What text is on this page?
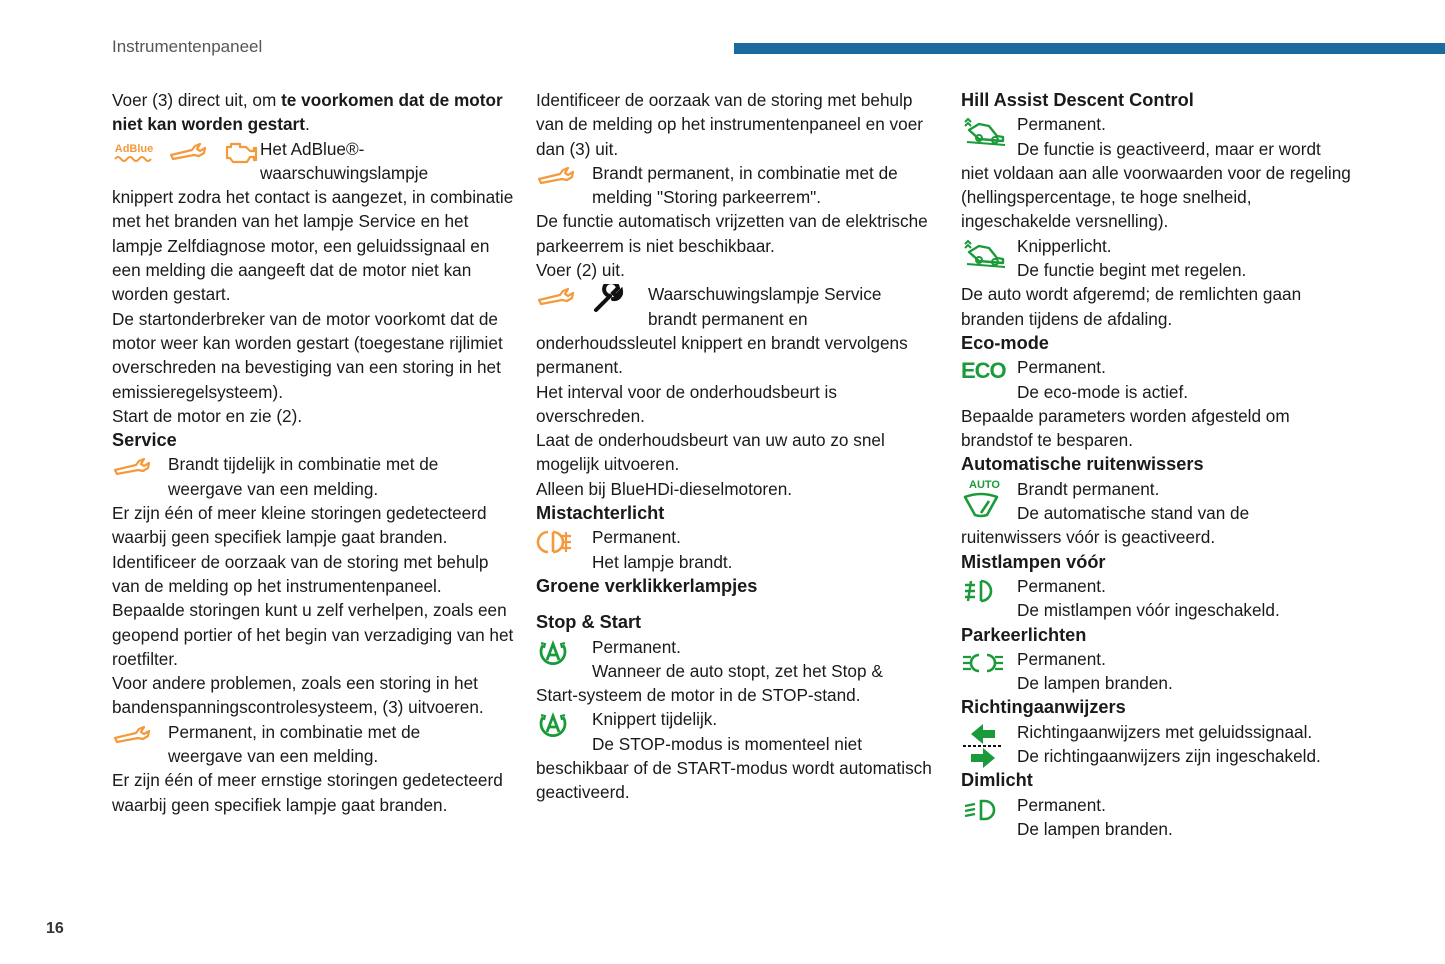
Instrumentenpaneel
16

Voer (3) direct uit, om te voorkomen dat de motor niet kan worden gestart.

AdBlue	Het AdBlue®-

waarschuwingslampje

knippert zodra het contact is aangezet, in combinatie met het branden van het lampje Service en het lampje Zelfdiagnose motor, een geluidssignaal en een melding die aangeeft dat de motor niet kan worden gestart.

De startonderbreker van de motor voorkomt dat de motor weer kan worden gestart (toegestane rijlimiet overschreden na bevestiging van een storing in het emissieregelsysteem).

Start de motor en zie (2).

Service

Brandt tijdelijk in combinatie met de

weergave van een melding.

Er zijn één of meer kleine storingen gedetecteerd waarbij geen specifiek lampje gaat branden.

Identificeer de oorzaak van de storing met behulp van de melding op het instrumentenpaneel.

Bepaalde storingen kunt u zelf verhelpen, zoals een geopend portier of het begin van verzadiging van het roetfilter.

Voor andere problemen, zoals een storing in het bandenspanningscontrolesysteem, (3) uitvoeren.

Permanent, in combinatie met de

weergave van een melding.

Er zijn één of meer ernstige storingen gedetecteerd waarbij geen specifiek lampje gaat branden.

Identificeer de oorzaak van de storing met behulp van de melding op het instrumentenpaneel en voer dan (3) uit.

Brandt permanent, in combinatie met de

melding "Storing parkeerrem".

De functie automatisch vrijzetten van de elektrische parkeerrem is niet beschikbaar.

Voer (2) uit.

Waarschuwingslampje Service

brandt permanent en

onderhoudssleutel knippert en brandt vervolgens permanent.

Het interval voor de onderhoudsbeurt is overschreden.

Laat de onderhoudsbeurt van uw auto zo snel mogelijk uitvoeren.

Alleen bij BlueHDi-dieselmotoren.

Mistachterlicht

Permanent.

Het lampje brandt.

Groene verklikkerlampjes

Stop & Start

Permanent.

Wanneer de auto stopt, zet het Stop &

Start-systeem de motor in de STOP-stand.

Knippert tijdelijk.

De STOP-modus is momenteel niet

beschikbaar of de START-modus wordt automatisch geactiveerd.

Hill Assist Descent Control

Permanent.

De functie is geactiveerd, maar er wordt

niet voldaan aan alle voorwaarden voor de regeling (hellingspercentage, te hoge snelheid, ingeschakelde versnelling).

Knipperlicht.

De functie begint met regelen.

De auto wordt afgeremd; de remlichten gaan branden tijdens de afdaling.

Eco-mode

ECO Permanent.

De eco-mode is actief.

Bepaalde parameters worden afgesteld om brandstof te besparen.

Automatische ruitenwissers

AUTO Brandt permanent.

De automatische stand van de

ruitenwissers vóór is geactiveerd.

Mistlampen vóór

Permanent.

De mistlampen vóór ingeschakeld.

Parkeerlichten

Permanent.

De lampen branden.

Richtingaanwijzers

Richtingaanwijzers met geluidssignaal.

De richtingaanwijzers zijn ingeschakeld.

Dimlicht

Permanent.

De lampen branden.
